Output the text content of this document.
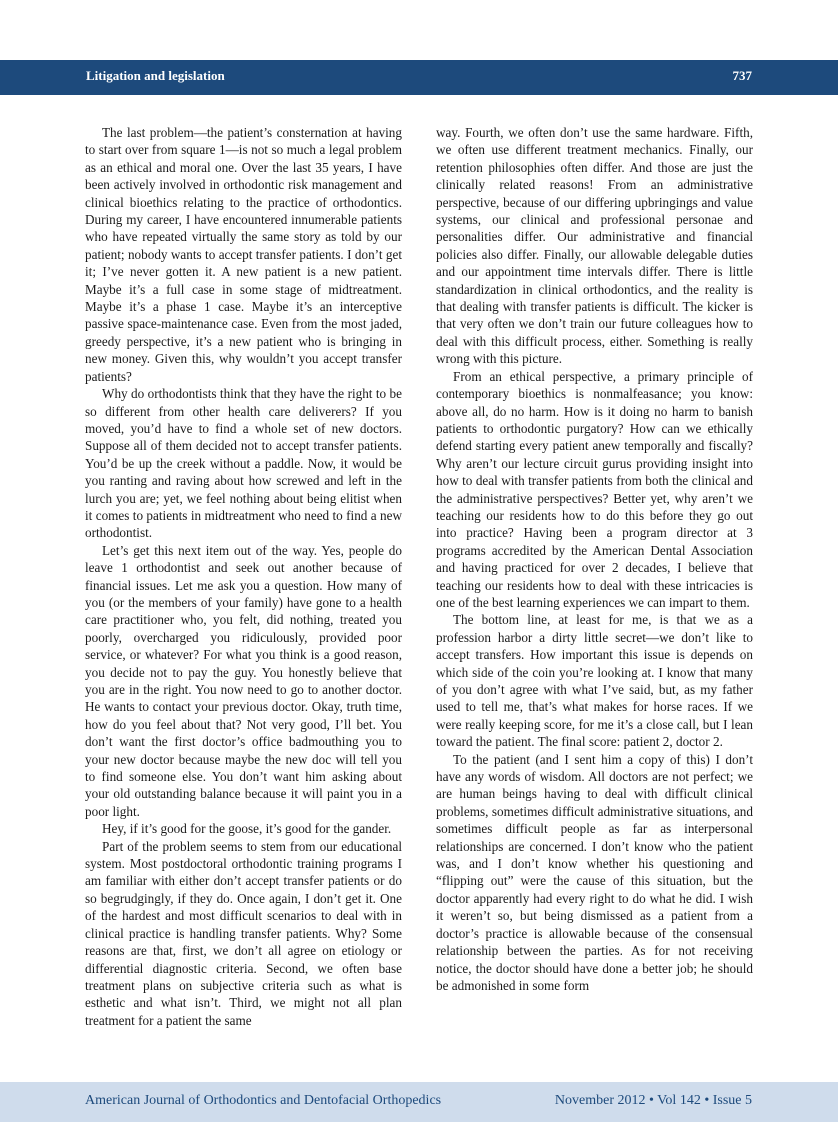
Litigation and legislation	737

The last problem—the patient’s consternation at having to start over from square 1—is not so much a legal problem as an ethical and moral one. Over the last 35 years, I have been actively involved in orthodontic risk management and clinical bioethics relating to the practice of orthodontics. During my career, I have encountered innumerable patients who have repeated virtually the same story as told by our patient; nobody wants to accept transfer patients. I don’t get it; I’ve never gotten it. A new patient is a new patient. Maybe it’s a full case in some stage of midtreatment. Maybe it’s a phase 1 case. Maybe it’s an interceptive passive space-maintenance case. Even from the most jaded, greedy perspective, it’s a new patient who is bringing in new money. Given this, why wouldn’t you accept transfer patients?

Why do orthodontists think that they have the right to be so different from other health care deliverers? If you moved, you’d have to find a whole set of new doctors. Suppose all of them decided not to accept transfer patients. You’d be up the creek without a paddle. Now, it would be you ranting and raving about how screwed and left in the lurch you are; yet, we feel nothing about being elitist when it comes to patients in midtreatment who need to find a new orthodontist.

Let’s get this next item out of the way. Yes, people do leave 1 orthodontist and seek out another because of financial issues. Let me ask you a question. How many of you (or the members of your family) have gone to a health care practitioner who, you felt, did nothing, treated you poorly, overcharged you ridiculously, provided poor service, or whatever? For what you think is a good reason, you decide not to pay the guy. You honestly believe that you are in the right. You now need to go to another doctor. He wants to contact your previous doctor. Okay, truth time, how do you feel about that? Not very good, I’ll bet. You don’t want the first doctor’s office badmouthing you to your new doctor because maybe the new doc will tell you to find someone else. You don’t want him asking about your old outstanding balance because it will paint you in a poor light.

Hey, if it’s good for the goose, it’s good for the gander.

Part of the problem seems to stem from our educational system. Most postdoctoral orthodontic training programs I am familiar with either don’t accept transfer patients or do so begrudgingly, if they do. Once again, I don’t get it. One of the hardest and most difficult scenarios to deal with in clinical practice is handling transfer patients. Why? Some reasons are that, first, we don’t all agree on etiology or differential diagnostic criteria. Second, we often base treatment plans on subjective criteria such as what is esthetic and what isn’t. Third, we might not all plan treatment for a patient the same

way. Fourth, we often don’t use the same hardware. Fifth, we often use different treatment mechanics. Finally, our retention philosophies often differ. And those are just the clinically related reasons! From an administrative perspective, because of our differing upbringings and value systems, our clinical and professional personae and personalities differ. Our administrative and financial policies also differ. Finally, our allowable delegable duties and our appointment time intervals differ. There is little standardization in clinical orthodontics, and the reality is that dealing with transfer patients is difficult. The kicker is that very often we don’t train our future colleagues how to deal with this difficult process, either. Something is really wrong with this picture.

From an ethical perspective, a primary principle of contemporary bioethics is nonmalfeasance; you know: above all, do no harm. How is it doing no harm to banish patients to orthodontic purgatory? How can we ethically defend starting every patient anew temporally and fiscally? Why aren’t our lecture circuit gurus providing insight into how to deal with transfer patients from both the clinical and the administrative perspectives? Better yet, why aren’t we teaching our residents how to do this before they go out into practice? Having been a program director at 3 programs accredited by the American Dental Association and having practiced for over 2 decades, I believe that teaching our residents how to deal with these intricacies is one of the best learning experiences we can impart to them.

The bottom line, at least for me, is that we as a profession harbor a dirty little secret—we don’t like to accept transfers. How important this issue is depends on which side of the coin you’re looking at. I know that many of you don’t agree with what I’ve said, but, as my father used to tell me, that’s what makes for horse races. If we were really keeping score, for me it’s a close call, but I lean toward the patient. The final score: patient 2, doctor 2.

To the patient (and I sent him a copy of this) I don’t have any words of wisdom. All doctors are not perfect; we are human beings having to deal with difficult clinical problems, sometimes difficult administrative situations, and sometimes difficult people as far as interpersonal relationships are concerned. I don’t know who the patient was, and I don’t know whether his questioning and “flipping out” were the cause of this situation, but the doctor apparently had every right to do what he did. I wish it weren’t so, but being dismissed as a patient from a doctor’s practice is allowable because of the consensual relationship between the parties. As for not receiving notice, the doctor should have done a better job; he should be admonished in some form

American Journal of Orthodontics and Dentofacial Orthopedics	November 2012 • Vol 142 • Issue 5
